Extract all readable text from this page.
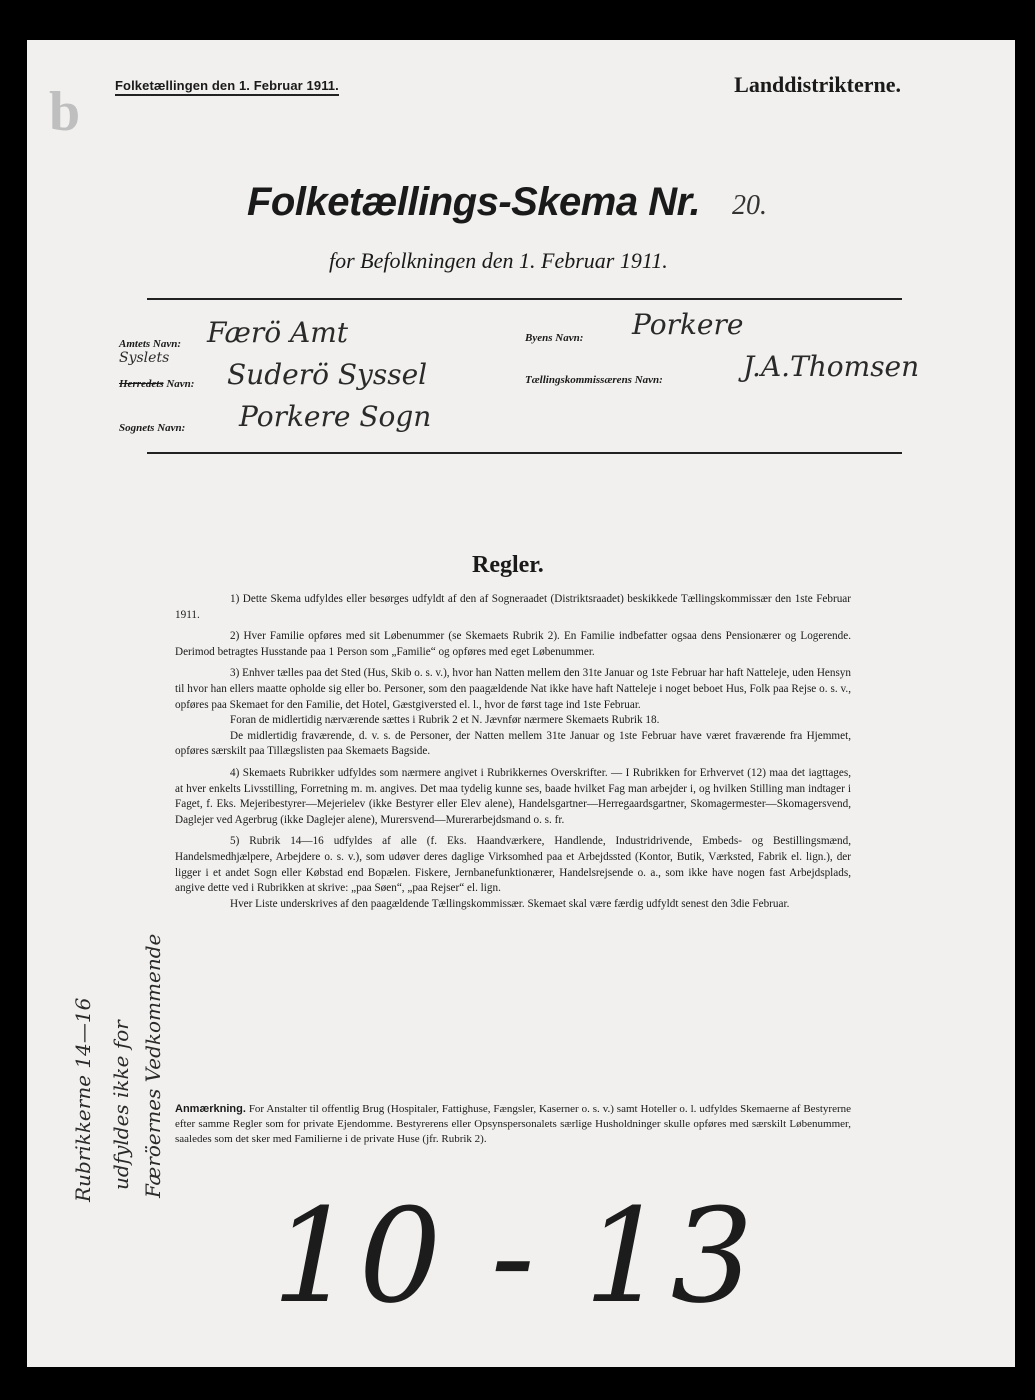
b	Folketællingen den 1. Februar 1911.	Landdistrikterne.
Folketællings-Skema Nr. 20.
for Befolkningen den 1. Februar 1911.
Amtets Navn: Færö Amt	Byens Navn: Porkere
Syslets
Herredets Navn: Suderö Syssel	Tællingskommissærens Navn:	J.A.Thomsen
Sognets Navn: Porkere Sogn
Regler.

1) Dette Skema udfyldes eller besørges udfyldt af den af Sogneraadet (Distriktsraadet) beskikkede Tællingskommissær den 1ste Februar 1911.

2) Hver Familie opføres med sit Løbenummer (se Skemaets Rubrik 2). En Familie indbefatter ogsaa dens Pensionærer og Logerende. Derimod betragtes Husstande paa 1 Person som „Familie“ og opføres med eget Løbenummer.

3) Enhver tælles paa det Sted (Hus, Skib o. s. v.), hvor han Natten mellem den 31te Januar og 1ste Februar har haft Natteleje, uden Hensyn til hvor han ellers maatte opholde sig eller bo. Personer, som den paagældende Nat ikke have haft Natteleje i noget beboet Hus, Folk paa Rejse o. s. v., opføres paa Skemaet for den Familie, det Hotel, Gæstgiversted el. l., hvor de først tage ind 1ste Februar.

Foran de midlertidig nærværende sættes i Rubrik 2 et N. Jævnfør nærmere Skemaets Rubrik 18.

De midlertidig fraværende, d. v. s. de Personer, der Natten mellem 31te Januar og 1ste Februar have været fraværende fra Hjemmet, opføres særskilt paa Tillægslisten paa Skemaets Bagside.

4) Skemaets Rubrikker udfyldes som nærmere angivet i Rubrikkernes Overskrifter. — I Rubrikken for Erhvervet (12) maa det iagttages, at hver enkelts Livsstilling, Forretning m. m. angives. Det maa tydelig kunne ses, baade hvilket Fag man arbejder i, og hvilken Stilling man indtager i Faget, f. Eks. Mejeribestyrer—Mejerielev (ikke Bestyrer eller Elev alene), Handelsgartner—Herregaardsgartner, Skomagermester—Skomagersvend, Daglejer ved Agerbrug (ikke Daglejer alene), Murersvend—Murerarbejdsmand o. s. fr.

5) Rubrik 14—16 udfyldes af alle (f. Eks. Haandværkere, Handlende, Industridrivende, Embeds- og Bestillingsmænd, Handelsmedhjælpere, Arbejdere o. s. v.), som udøver deres daglige Virksomhed paa et Arbejdssted (Kontor, Butik, Værksted, Fabrik el. lign.), der ligger i et andet Sogn eller Købstad end Bopælen. Fiskere, Jernbanefunktionærer, Handelsrejsende o. a., som ikke have nogen fast Arbejdsplads, angive dette ved i Rubrikken at skrive: „paa Søen“, „paa Rejser“ el. lign.

Hver Liste underskrives af den paagældende Tællingskommissær. Skemaet skal være færdig udfyldt senest den 3die Februar.

Anmærkning. For Anstalter til offentlig Brug (Hospitaler, Fattighuse, Fængsler, Kaserner o. s. v.) samt Hoteller o. l. udfyldes Skemaerne af Bestyrerne efter samme Regler som for private Ejendomme. Bestyrerens eller Opsynspersonalets særlige Husholdninger skulle opføres med særskilt Løbenummer, saaledes som det sker med Familierne i de private Huse (jfr. Rubrik 2).
Rubrikkerne 14—16 udfyldes ikke for Færöernes Vedkommende
10 - 13
